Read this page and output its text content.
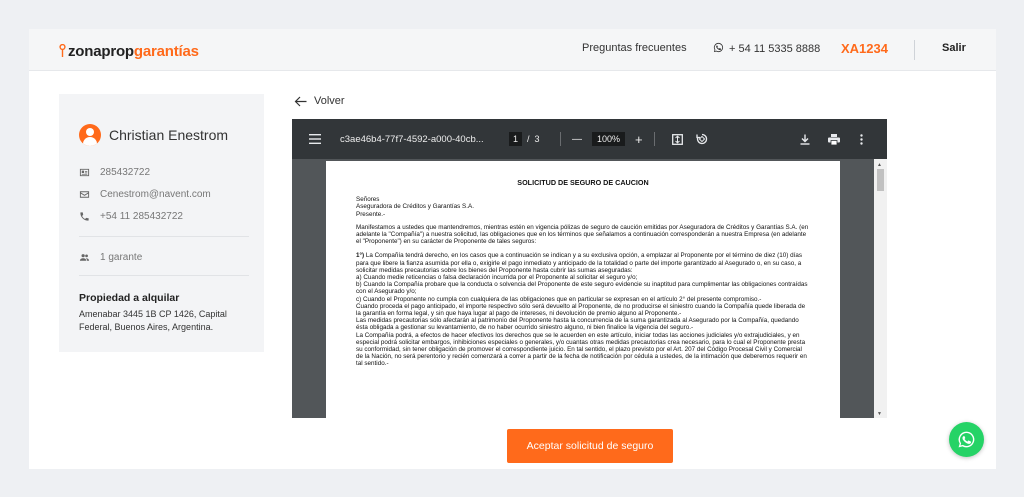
zonaprop garantías	Preguntas frecuentes	+ 54 11 5335 8888 XA1234	Salir
Christian Enestrom
285432722
Cenestrom@navent.com
+54 11 285432722
1 garante
Propiedad a alquilar
Amenabar 3445 1B CP 1426, Capital Federal, Buenos Aires, Argentina.
Volver
c3ae46b4-77f7-4592-a000-40cb...	1	/ 3	—	100%	+
SOLICITUD DE SEGURO DE CAUCION

Señores
Aseguradora de Créditos y Garantías S.A.
Presente.-

Manifestamos a ustedes que mantendremos, mientras estén en vigencia pólizas de seguro de caución emitidas por Aseguradora de Créditos y Garantías S.A. (en adelante la "Compañía") a nuestra solicitud, las obligaciones que en los términos que señalamos a continuación corresponderán a nuestra Empresa (en adelante el "Proponente") en su carácter de Proponente de tales seguros:

1°) La Compañía tendrá derecho, en los casos que a continuación se indican y a su exclusiva opción, a emplazar al Proponente por el término de diez (10) días para que libere la fianza asumida por ella o, exigirle el pago inmediato y anticipado de la totalidad o parte del importe garantizado al Asegurado o, en su caso, a solicitar medidas precautorias sobre los bienes del Proponente hasta cubrir las sumas aseguradas:
a) Cuando medie reticencias o falsa declaración incurrida por el Proponente al solicitar el seguro y/o;
b) Cuando la Compañía probare que la conducta o solvencia del Proponente de este seguro evidencie su inaptitud para cumplimentar las obligaciones contraídas con el Asegurado y/o;
c) Cuando el Proponente no cumpla con cualquiera de las obligaciones que en particular se expresan en el artículo 2° del presente compromiso.-
Cuando proceda el pago anticipado, el importe respectivo sólo será devuelto al Proponente, de no producirse el siniestro cuando la Compañía quede liberada de la garantía en forma legal, y sin que haya lugar al pago de intereses, ni devolución de premio alguno al Proponente.-
Las medidas precautorias sólo afectarán al patrimonio del Proponente hasta la concurrencia de la suma garantizada al Asegurado por la Compañía, quedando ésta obligada a gestionar su levantamiento, de no haber ocurrido siniestro alguno, ni bien finalice la vigencia del seguro.-
La Compañía podrá, a efectos de hacer efectivos los derechos que se le acuerden en este artículo, iniciar todas las acciones judiciales y/o extrajudiciales, y en especial podrá solicitar embargos, inhibiciones especiales o generales, y/o cuantas otras medidas precautorias crea necesario, para lo cual el Proponente presta su conformidad, sin tener obligación de promover el correspondiente juicio. En tal sentido, el plazo previsto por el Art. 207 del Código Procesal Civil y Comercial de la Nación, no será perentorio y recién comenzará a correr a partir de la fecha de notificación por cédula a ustedes, de la intimación que deberemos requerir en tal sentido.-
▲
▼
Aceptar solicitud de seguro
